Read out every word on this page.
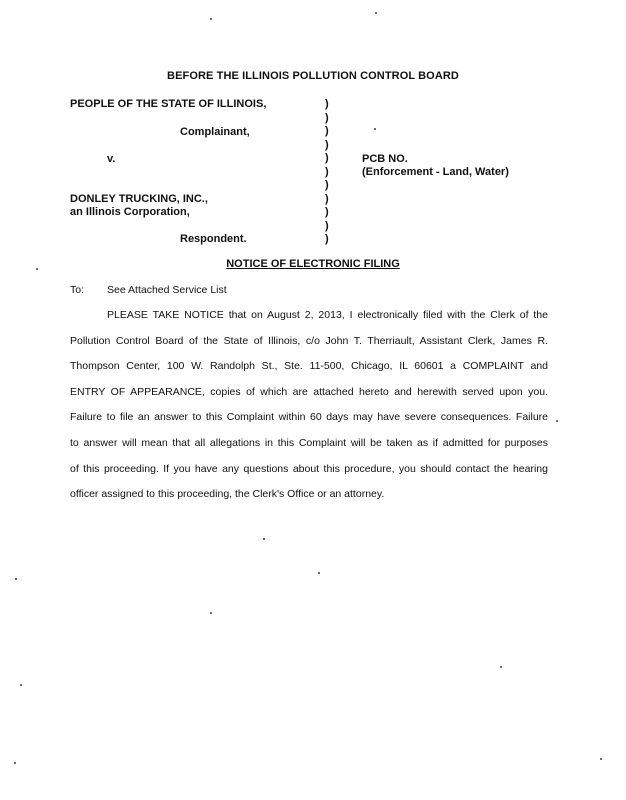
BEFORE THE ILLINOIS POLLUTION CONTROL BOARD
PEOPLE OF THE STATE OF ILLINOIS,
Complainant,
v.	PCB NO.
(Enforcement - Land, Water)
DONLEY TRUCKING, INC.,
an Illinois Corporation,
Respondent.
)
)
)
)
)
)
)
)
)
)
)
NOTICE OF ELECTRONIC FILING
To: See Attached Service List
PLEASE TAKE NOTICE that on August 2, 2013, I electronically filed with the Clerk of the
Pollution Control Board of the State of Illinois, c/o John T. Therriault, Assistant Clerk, James R.
Thompson Center, 100 W. Randolph St., Ste. 11-500, Chicago, IL 60601 a COMPLAINT and
ENTRY OF APPEARANCE, copies of which are attached hereto and herewith served upon you.
Failure to file an answer to this Complaint within 60 days may have severe consequences. Failure
to answer will mean that all allegations in this Complaint will be taken as if admitted for purposes
of this proceeding. If you have any questions about this procedure, you should contact the hearing
officer assigned to this proceeding, the Clerk's Office or an attorney.
